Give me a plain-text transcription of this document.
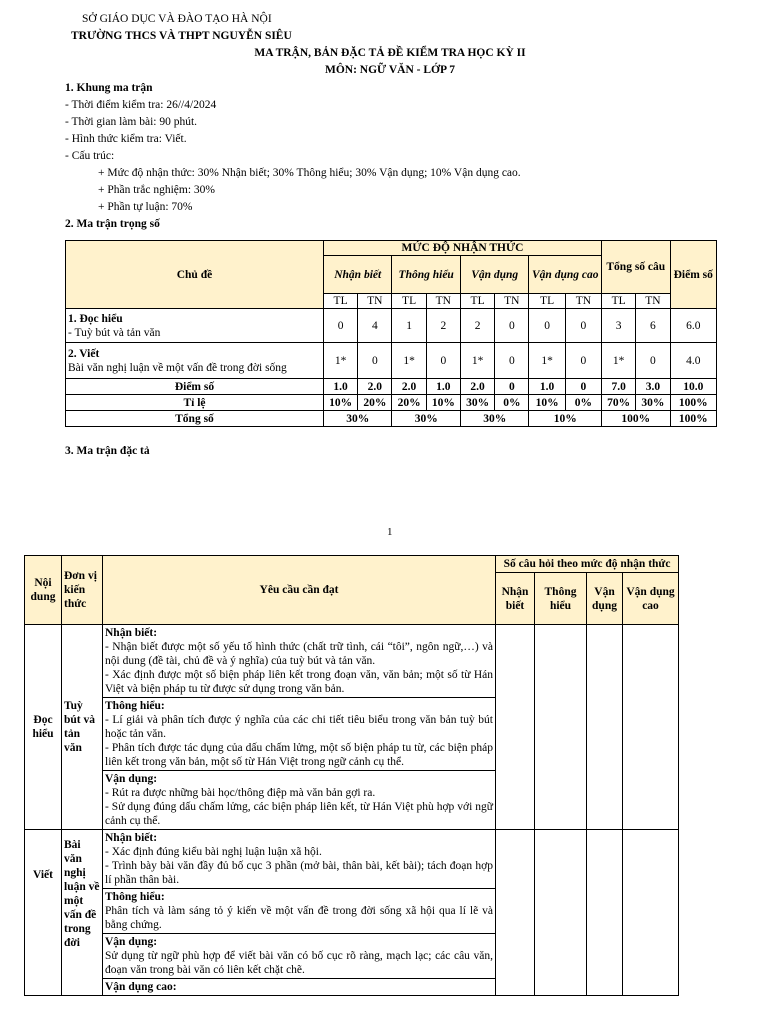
SỞ GIÁO DỤC VÀ ĐÀO TẠO HÀ NỘI
TRƯỜNG THCS VÀ THPT NGUYỄN SIÊU
MA TRẬN, BẢN ĐẶC TẢ ĐỀ KIỂM TRA HỌC KỲ II
MÔN: NGỮ VĂN - LỚP 7
1. Khung ma trận
- Thời điểm kiểm tra: 26//4/2024
- Thời gian làm bài: 90 phút.
- Hình thức kiểm tra: Viết.
- Cấu trúc:
+ Mức độ nhận thức: 30% Nhận biết; 30% Thông hiểu; 30% Vận dụng; 10% Vận dụng cao.
+ Phần trắc nghiệm: 30%
+ Phần tự luận: 70%
2. Ma trận trọng số
Chủ đề	MỨC ĐỘ NHẬN THỨC								Tổng số câu		Điểm số
	Nhận biết		Thông hiểu		Vận dụng		Vận dụng cao				
	TL	TN	TL	TN	TL	TN	TL	TN	TL	TN	

1. Đọc hiểu
- Tuỳ bút và tản văn	0	4	1	2	2	0	0	0	3	6	6.0

2. Viết
Bài văn nghị luận về một vấn đề trong đời sống	1*	0	1*	0	1*	0	1*	0	1*	0	4.0
Điểm số	1.0	2.0	2.0	1.0	2.0	0	1.0	0	7.0	3.0	10.0
Tỉ lệ	10%	20%	20%	10%	30%	0%	10%	0%	70%	30%	100%
Tổng số	30%		30%		30%		10%		100%		100%
3. Ma trận đặc tả
1
Nội dung	Đơn vị kiến thức	Yêu cầu cần đạt	Số câu hỏi theo mức độ nhận thức			
			Nhận biết	Thông hiểu	Vận dụng	Vận dụng cao
Đọc hiểu	Tuỳ bút và tản văn	Nhận biết:
- Nhận biết được một số yếu tố hình thức (chất trữ tình, cái “tôi”, ngôn ngữ,…) và nội dung (đề tài, chủ đề và ý nghĩa) của tuỳ bút và tản văn.
- Xác định được một số biện pháp liên kết trong đoạn văn, văn bản; một số từ Hán Việt và biện pháp tu từ được sử dụng trong văn bản.				

		Thông hiểu:
- Lí giải và phân tích được ý nghĩa của các chi tiết tiêu biểu trong văn bản tuỳ bút hoặc tản văn.
- Phân tích được tác dụng của dấu chấm lửng, một số biện pháp tu từ, các biện pháp liên kết trong văn bản, một số từ Hán Việt trong ngữ cảnh cụ thể.				

		Vận dụng:
- Rút ra được những bài học/thông điệp mà văn bản gợi ra.
- Sử dụng đúng dấu chấm lửng, các biện pháp liên kết, từ Hán Việt phù hợp với ngữ cảnh cụ thể.				

Viết	Bài văn nghị luận về một vấn đề trong đời	Nhận biết:
- Xác định đúng kiểu bài nghị luận luận xã hội.
- Trình bày bài văn đầy đủ bố cục 3 phần (mở bài, thân bài, kết bài); tách đoạn hợp lí phần thân bài.				

		Thông hiểu:
Phân tích và làm sáng tỏ ý kiến về một vấn đề trong đời sống xã hội qua lí lẽ và bằng chứng.				

		Vận dụng:
Sử dụng từ ngữ phù hợp để viết bài văn có bố cục rõ ràng, mạch lạc; các câu văn, đoạn văn trong bài văn có liên kết chặt chẽ.				

		Vận dụng cao:				
